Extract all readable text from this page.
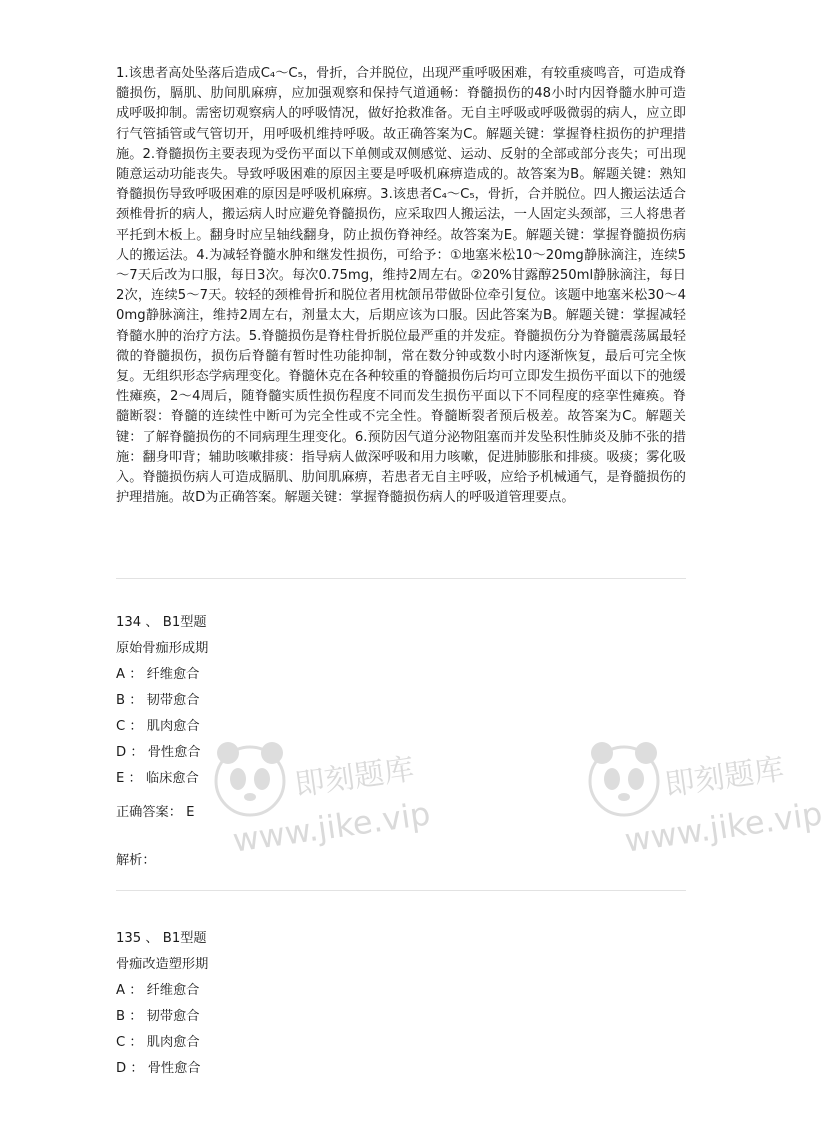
1.该患者高处坠落后造成C₄～C₅，骨折，合并脱位，出现严重呼吸困难，有较重痰鸣音，可造成脊髓损伤，膈肌、肋间肌麻痹，应加强观察和保持气道通畅：脊髓损伤的48小时内因脊髓水肿可造成呼吸抑制。需密切观察病人的呼吸情况，做好抢救准备。无自主呼吸或呼吸微弱的病人，应立即行气管插管或气管切开，用呼吸机维持呼吸。故正确答案为C。解题关键：掌握脊柱损伤的护理措施。2.脊髓损伤主要表现为受伤平面以下单侧或双侧感觉、运动、反射的全部或部分丧失；可出现随意运动功能丧失。导致呼吸困难的原因主要是呼吸机麻痹造成的。故答案为B。解题关键：熟知脊髓损伤导致呼吸困难的原因是呼吸机麻痹。3.该患者C₄～C₅，骨折，合并脱位。四人搬运法适合颈椎骨折的病人，搬运病人时应避免脊髓损伤，应采取四人搬运法，一人固定头颈部，三人将患者平托到木板上。翻身时应呈轴线翻身，防止损伤脊神经。故答案为E。解题关键：掌握脊髓损伤病人的搬运法。4.为减轻脊髓水肿和继发性损伤，可给予：①地塞米松10～20mg静脉滴注，连续5～7天后改为口服，每日3次。每次0.75mg，维持2周左右。②20%甘露醇250ml静脉滴注，每日2次，连续5～7天。较轻的颈椎骨折和脱位者用枕颌吊带做卧位牵引复位。该题中地塞米松30～40mg静脉滴注，维持2周左右，剂量太大，后期应该为口服。因此答案为B。解题关键：掌握减轻脊髓水肿的治疗方法。5.脊髓损伤是脊柱骨折脱位最严重的并发症。脊髓损伤分为脊髓震荡属最轻微的脊髓损伤，损伤后脊髓有暂时性功能抑制，常在数分钟或数小时内逐渐恢复，最后可完全恢复。无组织形态学病理变化。脊髓休克在各种较重的脊髓损伤后均可立即发生损伤平面以下的弛缓性瘫痪，2～4周后，随脊髓实质性损伤程度不同而发生损伤平面以下不同程度的痉挛性瘫痪。脊髓断裂：脊髓的连续性中断可为完全性或不完全性。脊髓断裂者预后极差。故答案为C。解题关键：了解脊髓损伤的不同病理生理变化。6.预防因气道分泌物阻塞而并发坠积性肺炎及肺不张的措施：翻身叩背；辅助咳嗽排痰：指导病人做深呼吸和用力咳嗽，促进肺膨胀和排痰。吸痰；雾化吸入。脊髓损伤病人可造成膈肌、肋间肌麻痹，若患者无自主呼吸，应给予机械通气，是脊髓损伤的护理措施。故D为正确答案。解题关键：掌握脊髓损伤病人的呼吸道管理要点。

134 、 B1型题

原始骨痂形成期

A ： 纤维愈合
B ： 韧带愈合
C ： 肌肉愈合
D ： 骨性愈合
E ： 临床愈合

正确答案： E

解析：

135 、 B1型题

骨痂改造塑形期

A ： 纤维愈合
B ： 韧带愈合
C ： 肌肉愈合
D ： 骨性愈合
即刻题库
www.jike.vip
即刻题库
www.jike.vip
